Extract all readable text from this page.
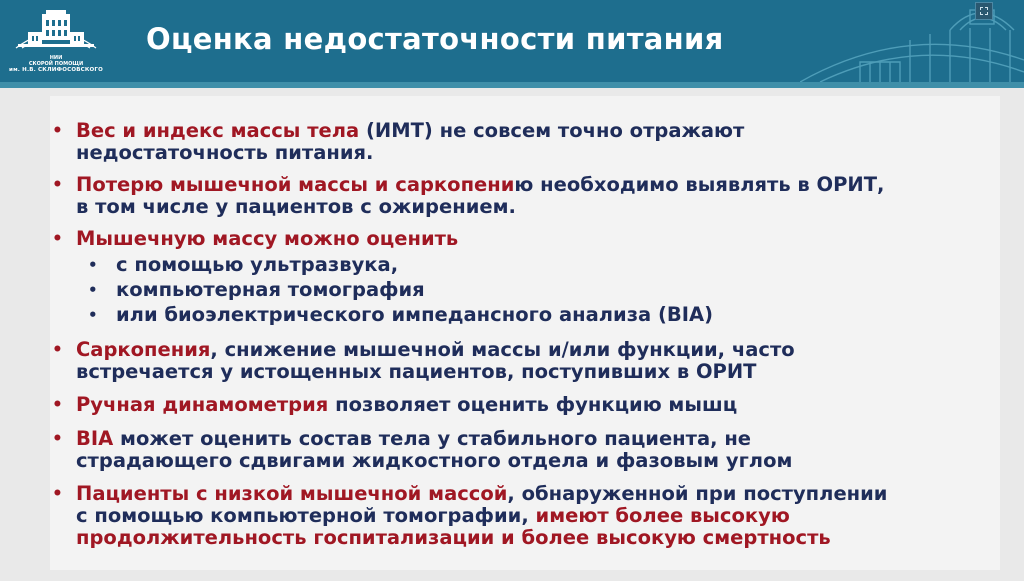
НИИ
СКОРОЙ ПОМОЩИ
им. Н.В. СКЛИФОСОВСКОГО
Оценка недостаточности питания
• Вес и индекс массы тела (ИМТ) не совсем точно отражают
недостаточность питания.
• Потерю мышечной массы и саркопению необходимо выявлять в ОРИТ,
в том числе у пациентов с ожирением.
• Мышечную массу можно оценить
• с помощью ультразвука,
• компьютерная томография
• или биоэлектрического импедансного анализа (BIA)
• Саркопения, снижение мышечной массы и/или функции, часто
встречается у истощенных пациентов, поступивших в ОРИТ
• Ручная динамометрия позволяет оценить функцию мышц
• BIA может оценить состав тела у стабильного пациента, не
страдающего сдвигами жидкостного отдела и фазовым углом
• Пациенты с низкой мышечной массой, обнаруженной при поступлении
с помощью компьютерной томографии, имеют более высокую
продолжительность госпитализации и более высокую смертность
